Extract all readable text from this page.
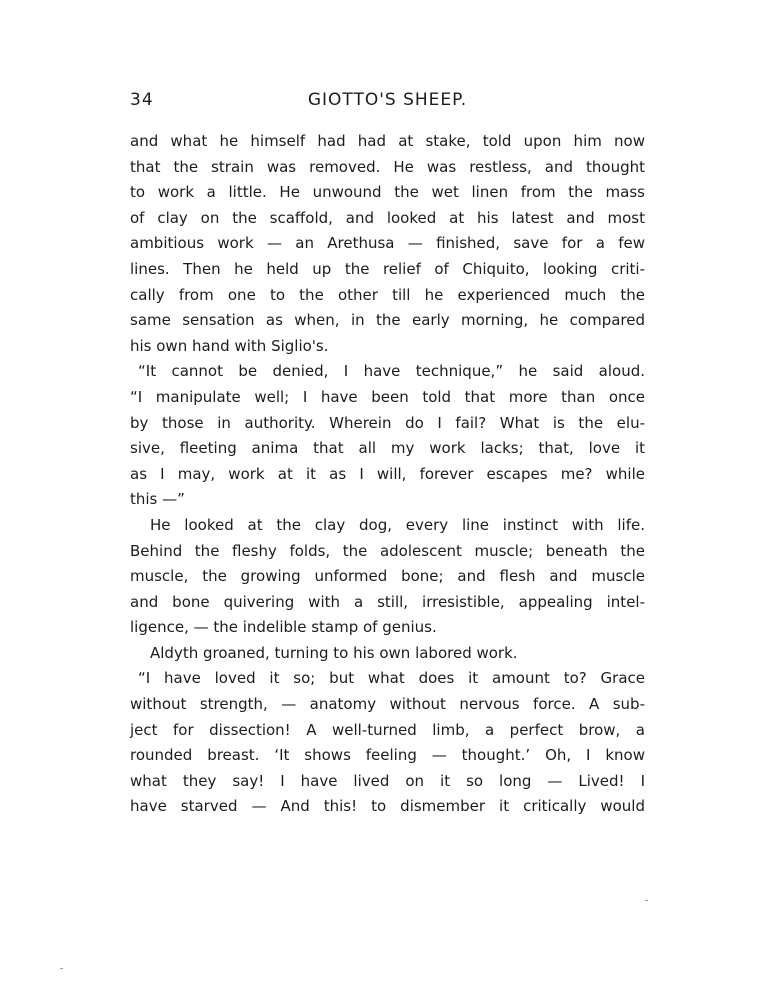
34	GIOTTO'S SHEEP.
and what he himself had had at stake, told upon him now
that the strain was removed. He was restless, and thought
to work a little. He unwound the wet linen from the mass
of clay on the scaffold, and looked at his latest and most
ambitious work — an Arethusa — finished, save for a few
lines. Then he held up the relief of Chiquito, looking criti-
cally from one to the other till he experienced much the
same sensation as when, in the early morning, he compared
his own hand with Siglio's.
“It cannot be denied, I have technique,” he said aloud.
“I manipulate well; I have been told that more than once
by those in authority. Wherein do I fail? What is the elu-
sive, fleeting anima that all my work lacks; that, love it
as I may, work at it as I will, forever escapes me? while
this —”
He looked at the clay dog, every line instinct with life.
Behind the fleshy folds, the adolescent muscle; beneath the
muscle, the growing unformed bone; and flesh and muscle
and bone quivering with a still, irresistible, appealing intel-
ligence, — the indelible stamp of genius.
Aldyth groaned, turning to his own labored work.
“I have loved it so; but what does it amount to? Grace
without strength, — anatomy without nervous force. A sub-
ject for dissection! A well-turned limb, a perfect brow, a
rounded breast. ‘It shows feeling — thought.’ Oh, I know
what they say! I have lived on it so long — Lived! I
have starved — And this! to dismember it critically would
